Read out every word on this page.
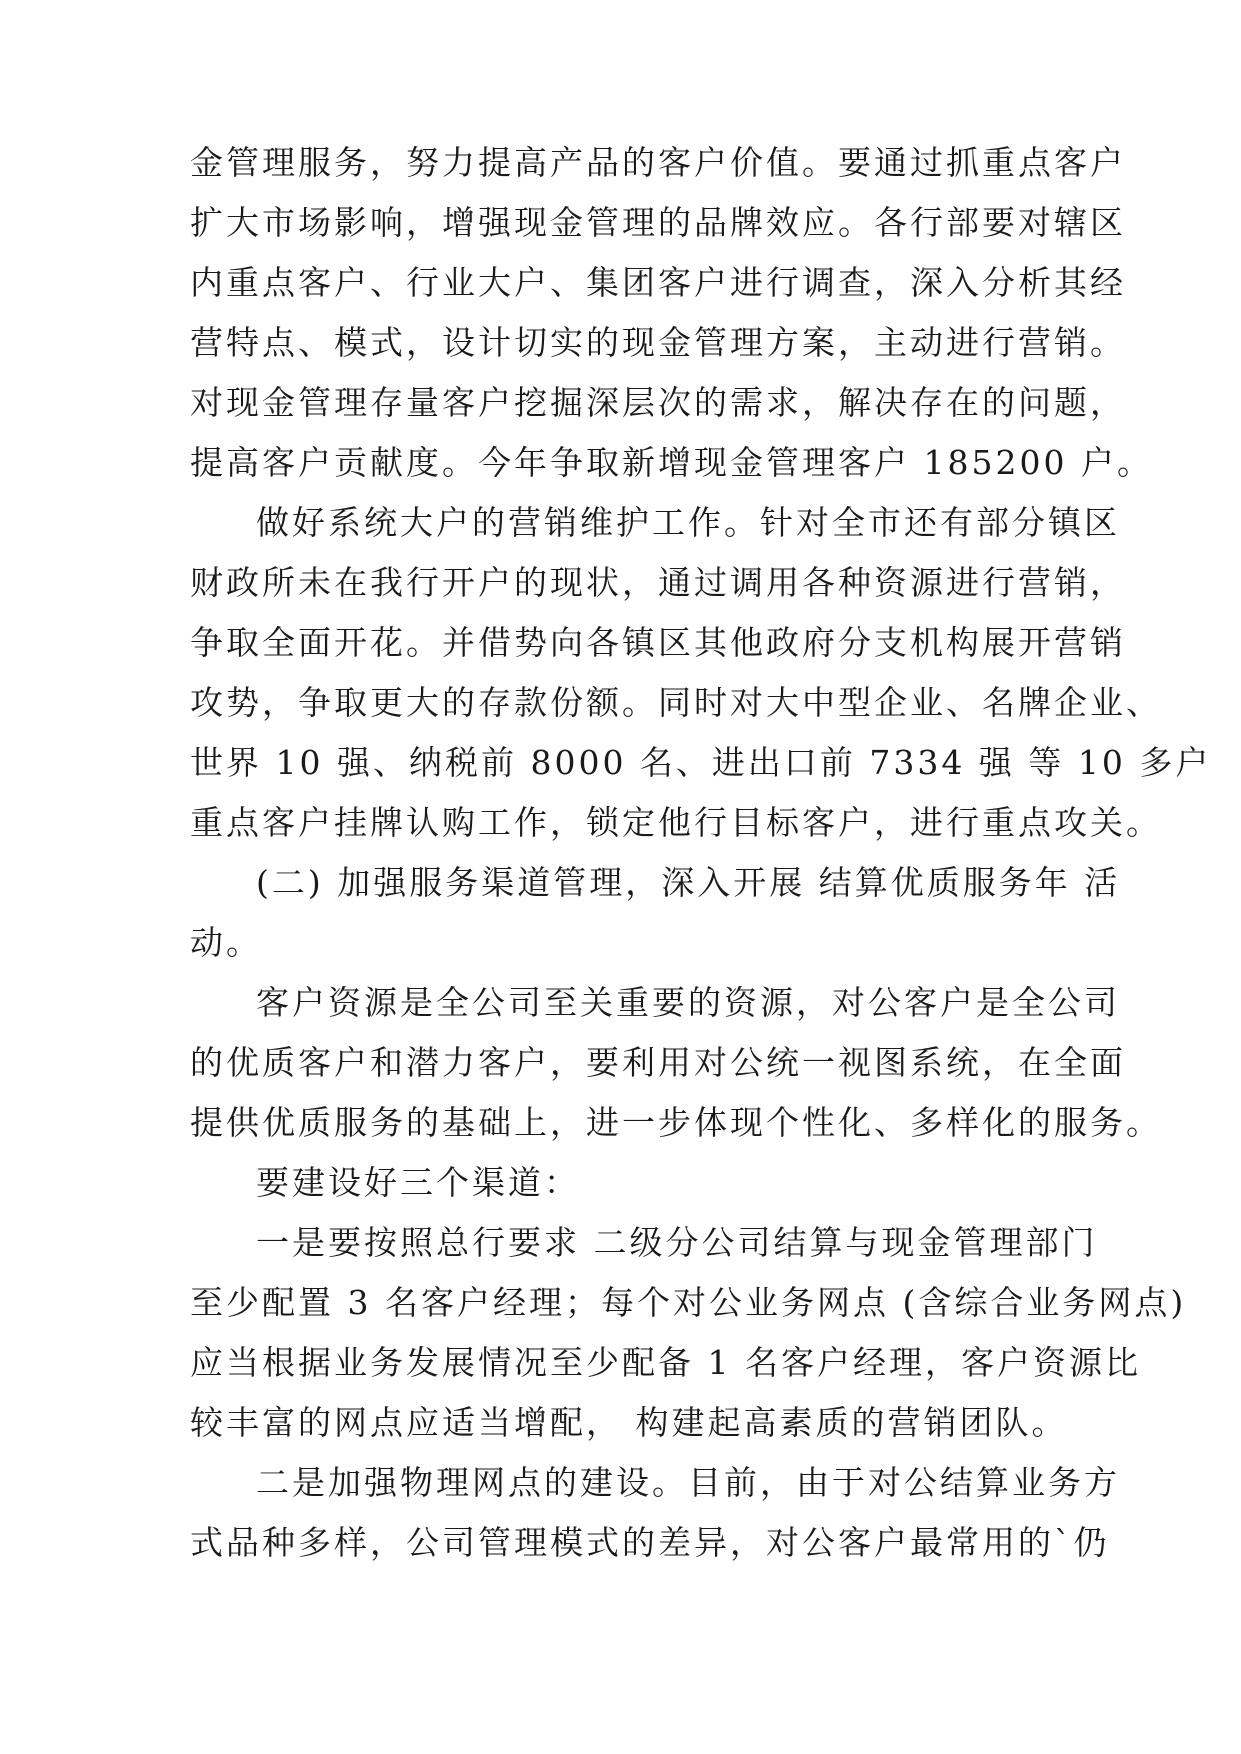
金管理服务，努力提高产品的客户价值。要通过抓重点客户
扩大市场影响，增强现金管理的品牌效应。各行部要对辖区
内重点客户、行业大户、集团客户进行调查，深入分析其经
营特点、模式，设计切实的现金管理方案，主动进行营销。
对现金管理存量客户挖掘深层次的需求，解决存在的问题，
提高客户贡献度。今年争取新增现金管理客户 185200 户。
做好系统大户的营销维护工作。针对全市还有部分镇区
财政所未在我行开户的现状，通过调用各种资源进行营销，
争取全面开花。并借势向各镇区其他政府分支机构展开营销
攻势，争取更大的存款份额。同时对大中型企业、名牌企业、
世界 10 强、纳税前 8000 名、进出口前 7334 强 等 10 多户
重点客户挂牌认购工作，锁定他行目标客户，进行重点攻关。
(二) 加强服务渠道管理，深入开展 结算优质服务年 活
动。
客户资源是全公司至关重要的资源，对公客户是全公司
的优质客户和潜力客户，要利用对公统一视图系统，在全面
提供优质服务的基础上，进一步体现个性化、多样化的服务。
要建设好三个渠道：
一是要按照总行要求 二级分公司结算与现金管理部门
至少配置 3 名客户经理；每个对公业务网点 (含综合业务网点)
应当根据业务发展情况至少配备 1 名客户经理，客户资源比
较丰富的网点应适当增配， 构建起高素质的营销团队。
二是加强物理网点的建设。目前，由于对公结算业务方
式品种多样，公司管理模式的差异，对公客户最常用的`仍
